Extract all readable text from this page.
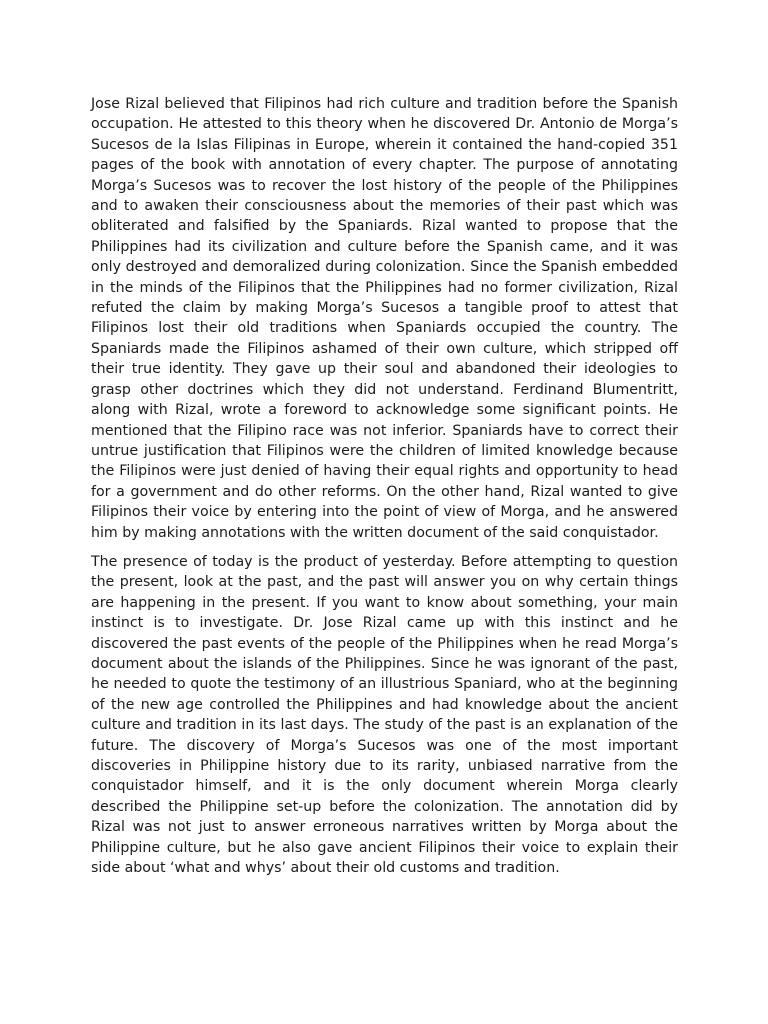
Jose Rizal believed that Filipinos had rich culture and tradition before the Spanish occupation. He attested to this theory when he discovered Dr. Antonio de Morga’s Sucesos de la Islas Filipinas in Europe, wherein it contained the hand-copied 351 pages of the book with annotation of every chapter. The purpose of annotating Morga’s Sucesos was to recover the lost history of the people of the Philippines and to awaken their consciousness about the memories of their past which was obliterated and falsified by the Spaniards. Rizal wanted to propose that the Philippines had its civilization and culture before the Spanish came, and it was only destroyed and demoralized during colonization. Since the Spanish embedded in the minds of the Filipinos that the Philippines had no former civilization, Rizal refuted the claim by making Morga’s Sucesos a tangible proof to attest that Filipinos lost their old traditions when Spaniards occupied the country. The Spaniards made the Filipinos ashamed of their own culture, which stripped off their true identity. They gave up their soul and abandoned their ideologies to grasp other doctrines which they did not understand. Ferdinand Blumentritt, along with Rizal, wrote a foreword to acknowledge some significant points. He mentioned that the Filipino race was not inferior. Spaniards have to correct their untrue justification that Filipinos were the children of limited knowledge because the Filipinos were just denied of having their equal rights and opportunity to head for a government and do other reforms. On the other hand, Rizal wanted to give Filipinos their voice by entering into the point of view of Morga, and he answered him by making annotations with the written document of the said conquistador.

The presence of today is the product of yesterday. Before attempting to question the present, look at the past, and the past will answer you on why certain things are happening in the present. If you want to know about something, your main instinct is to investigate. Dr. Jose Rizal came up with this instinct and he discovered the past events of the people of the Philippines when he read Morga’s document about the islands of the Philippines. Since he was ignorant of the past, he needed to quote the testimony of an illustrious Spaniard, who at the beginning of the new age controlled the Philippines and had knowledge about the ancient culture and tradition in its last days. The study of the past is an explanation of the future. The discovery of Morga’s Sucesos was one of the most important discoveries in Philippine history due to its rarity, unbiased narrative from the conquistador himself, and it is the only document wherein Morga clearly described the Philippine set-up before the colonization. The annotation did by Rizal was not just to answer erroneous narratives written by Morga about the Philippine culture, but he also gave ancient Filipinos their voice to explain their side about ‘what and whys’ about their old customs and tradition.
